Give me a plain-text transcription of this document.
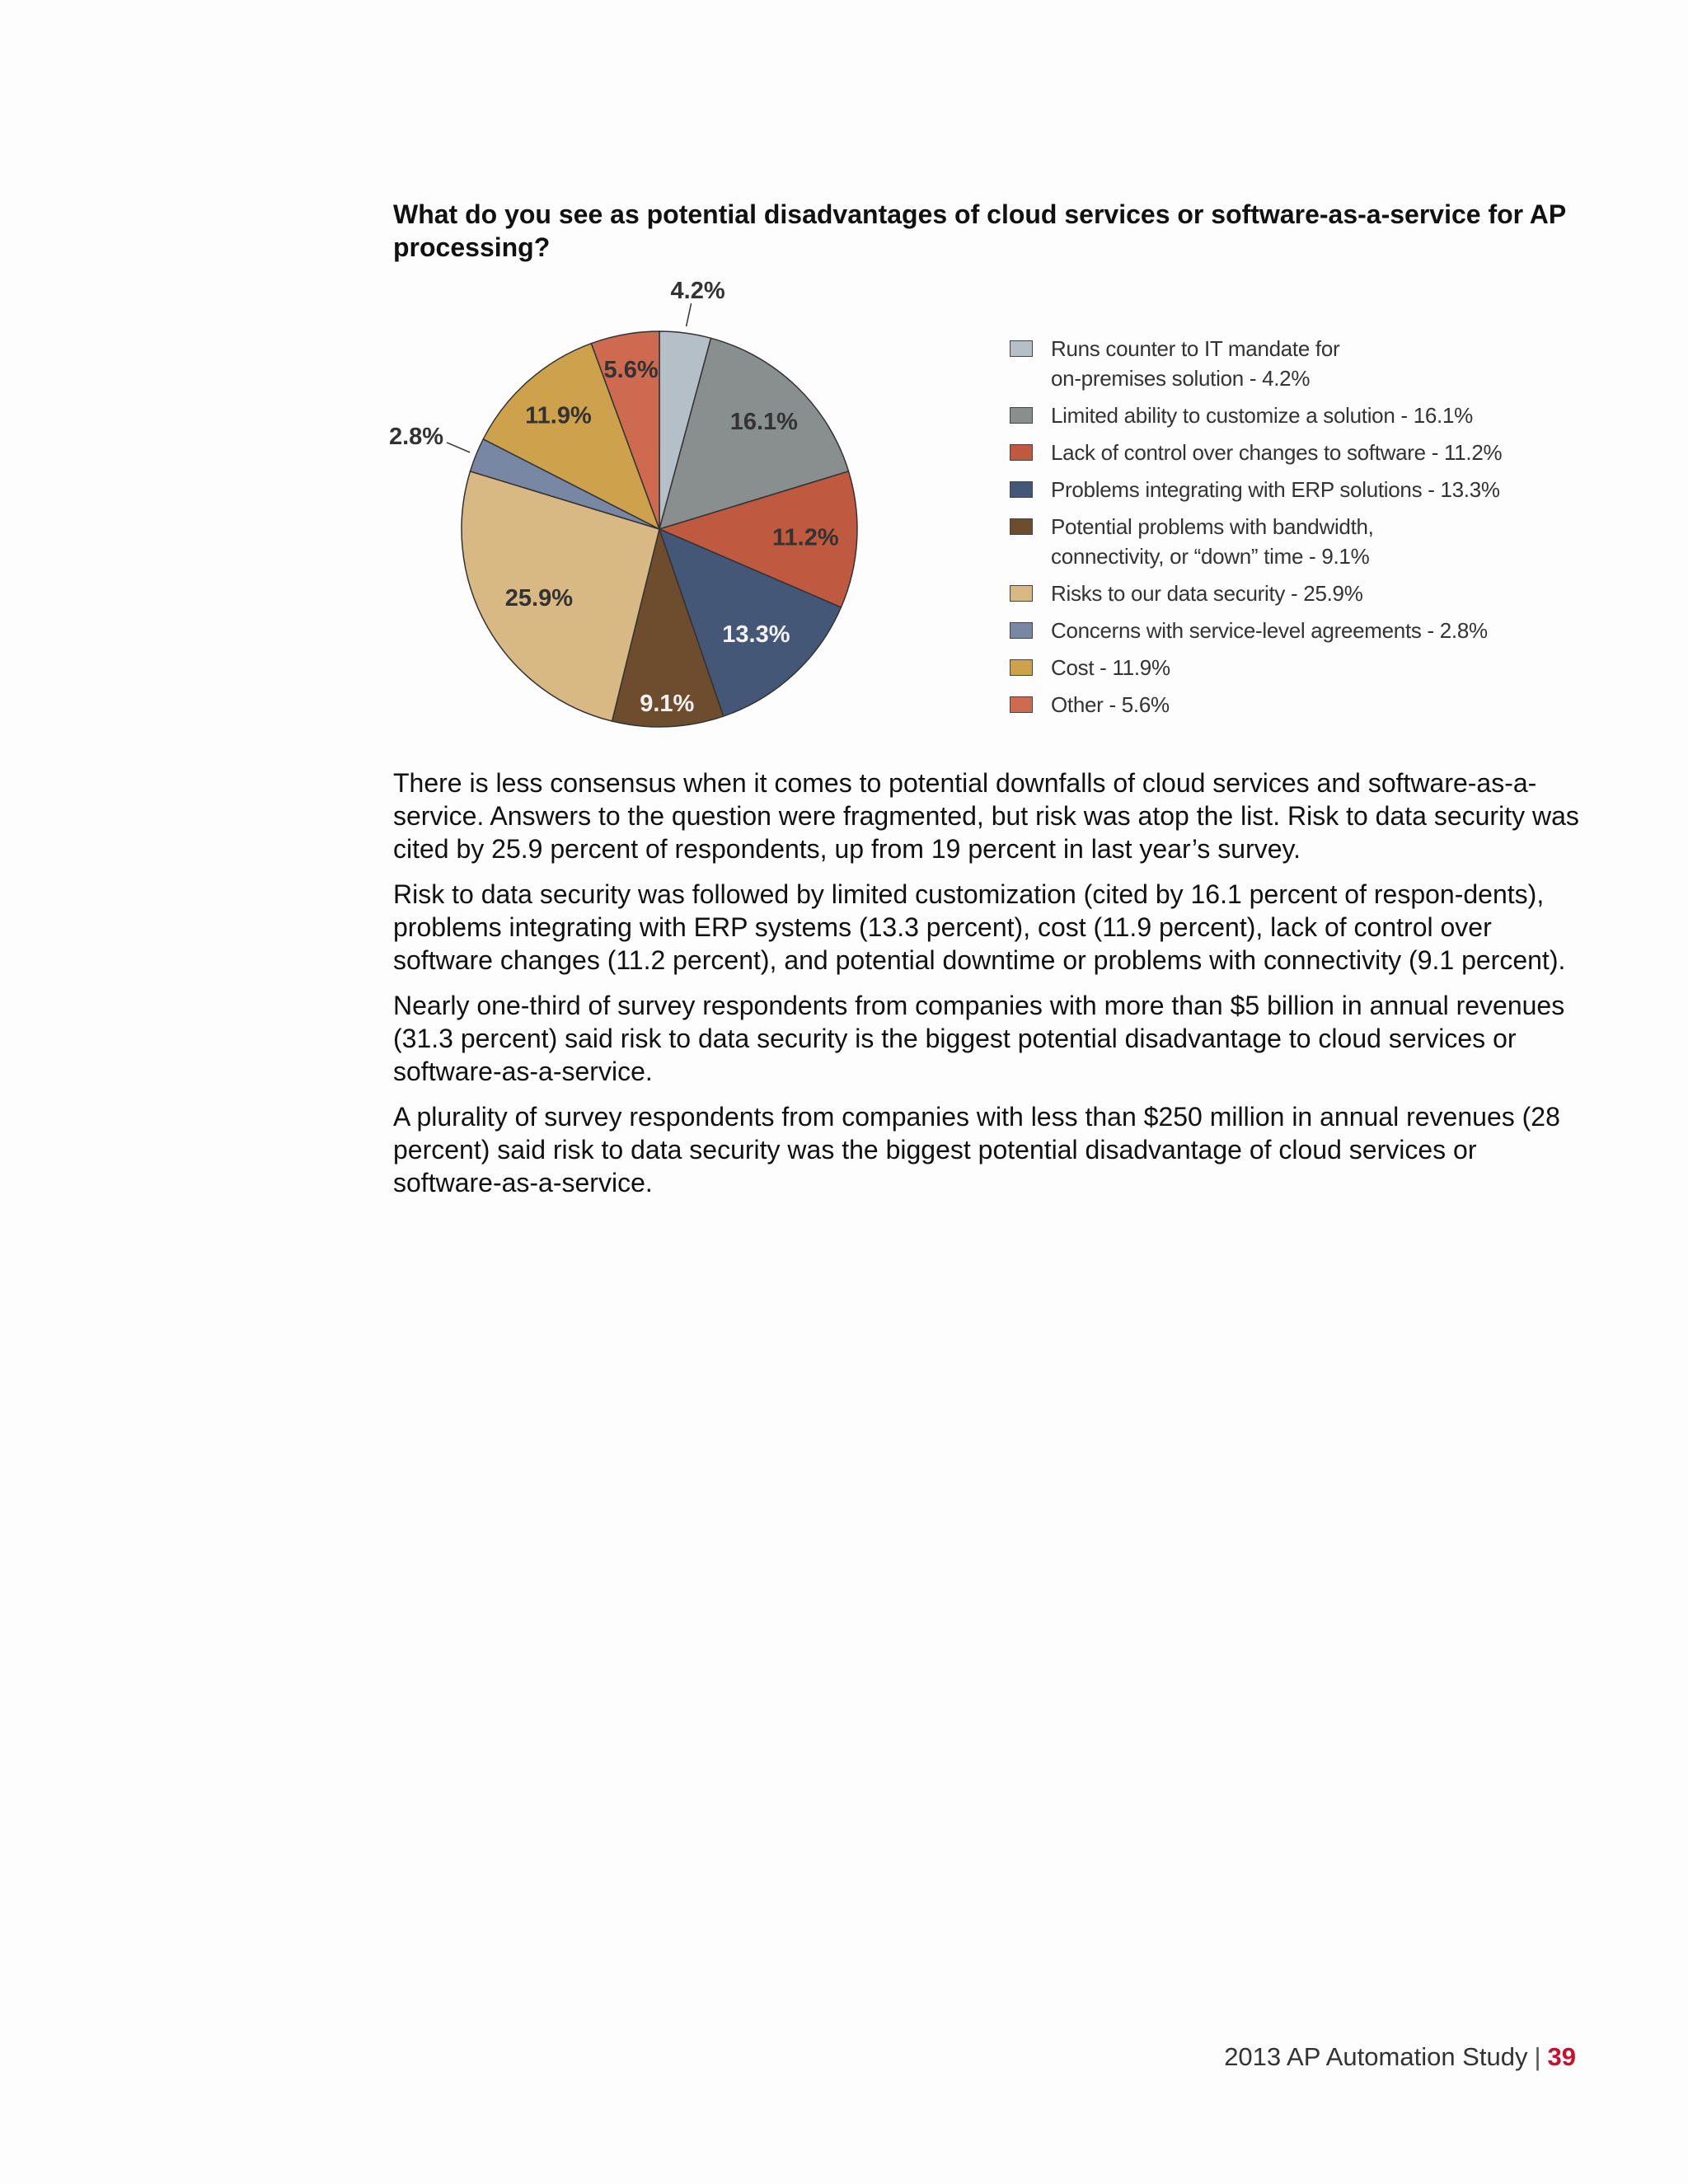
What do you see as potential disadvantages of cloud services or software-as-a-service for AP processing?
4.2%
16.1%
11.2%
13.3%
9.1%
25.9%
2.8%
11.9%
5.6%
Runs counter to IT mandate for
on-premises solution - 4.2%
Limited ability to customize a solution - 16.1%
Lack of control over changes to software - 11.2%
Problems integrating with ERP solutions - 13.3%
Potential problems with bandwidth,
connectivity, or “down” time - 9.1%
Risks to our data security - 25.9%
Concerns with service-level agreements - 2.8%
Cost - 11.9%
Other - 5.6%

There is less consensus when it comes to potential downfalls of cloud services and software-as-a-service. Answers to the question were fragmented, but risk was atop the list. Risk to data security was cited by 25.9 percent of respondents, up from 19 percent in last year’s survey.

Risk to data security was followed by limited customization (cited by 16.1 percent of respon-dents), problems integrating with ERP systems (13.3 percent), cost (11.9 percent), lack of control over software changes (11.2 percent), and potential downtime or problems with connectivity (9.1 percent).

Nearly one-third of survey respondents from companies with more than $5 billion in annual revenues (31.3 percent) said risk to data security is the biggest potential disadvantage to cloud services or software-as-a-service.

A plurality of survey respondents from companies with less than $250 million in annual revenues (28 percent) said risk to data security was the biggest potential disadvantage of cloud services or software-as-a-service.

2013 AP Automation Study | 39
